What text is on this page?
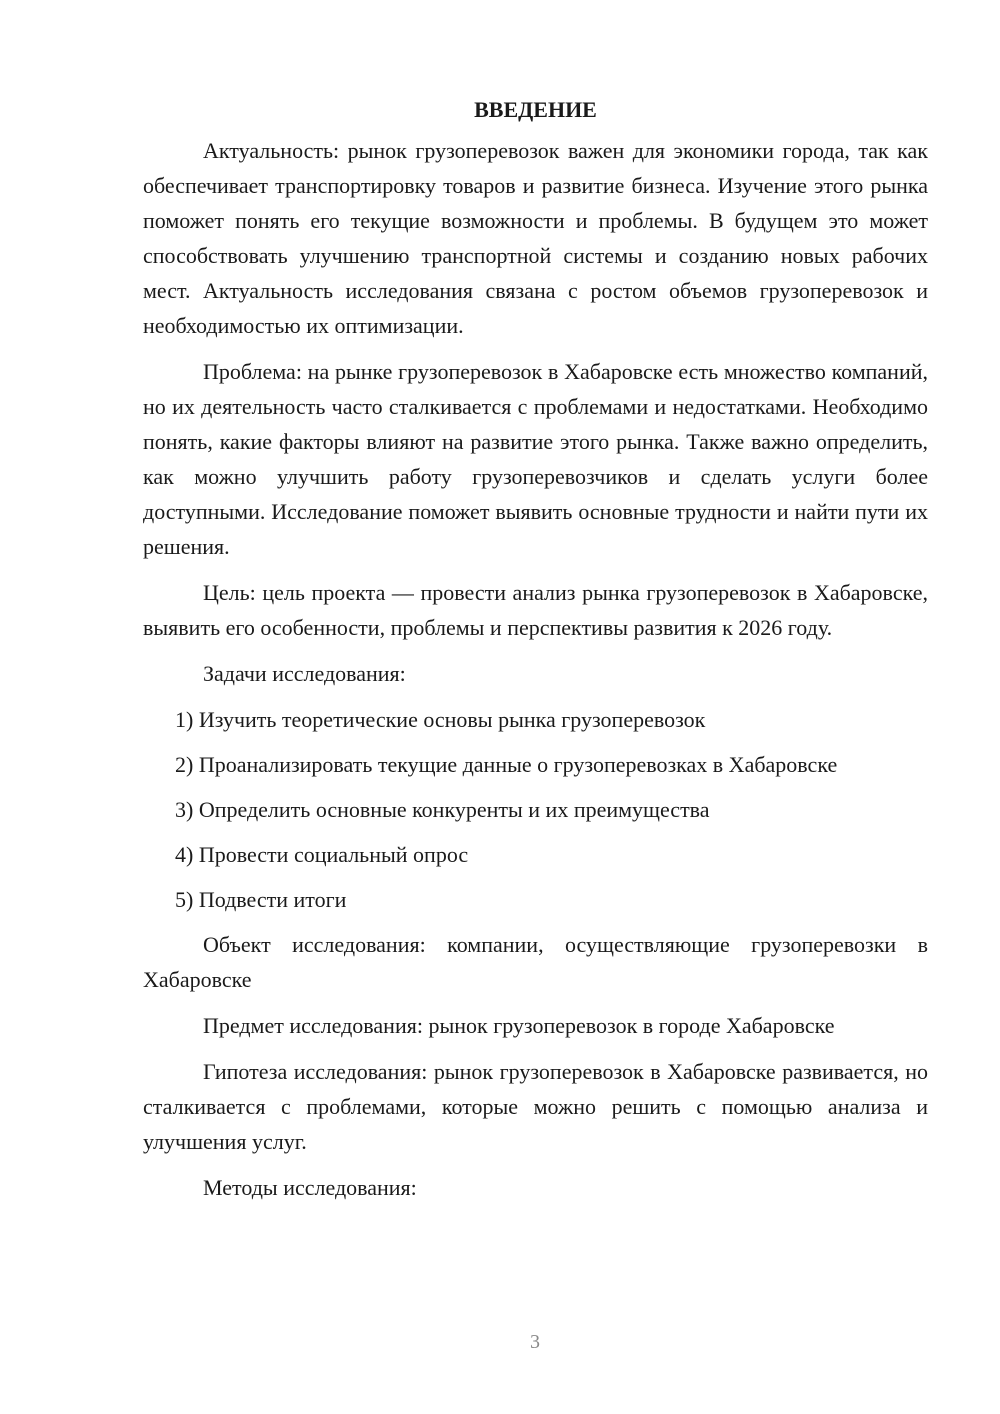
ВВЕДЕНИЕ

Актуальность: рынок грузоперевозок важен для экономики города, так как обеспечивает транспортировку товаров и развитие бизнеса. Изучение этого рынка поможет понять его текущие возможности и проблемы. В будущем это может способствовать улучшению транспортной системы и созданию новых рабочих мест. Актуальность исследования связана с ростом объемов грузоперевозок и необходимостью их оптимизации.

Проблема: на рынке грузоперевозок в Хабаровске есть множество компаний, но их деятельность часто сталкивается с проблемами и недостатками. Необходимо понять, какие факторы влияют на развитие этого рынка. Также важно определить, как можно улучшить работу грузоперевозчиков и сделать услуги более доступными. Исследование поможет выявить основные трудности и найти пути их решения.

Цель: цель проекта — провести анализ рынка грузоперевозок в Хабаровске, выявить его особенности, проблемы и перспективы развития к 2026 году.

Задачи исследования:

1) Изучить теоретические основы рынка грузоперевозок
2) Проанализировать текущие данные о грузоперевозках в Хабаровске
3) Определить основные конкуренты и их преимущества
4) Провести социальный опрос
5) Подвести итоги

Объект исследования: компании, осуществляющие грузоперевозки в Хабаровске

Предмет исследования: рынок грузоперевозок в городе Хабаровске

Гипотеза исследования: рынок грузоперевозок в Хабаровске развивается, но сталкивается с проблемами, которые можно решить с помощью анализа и улучшения услуг.

Методы исследования:

3
